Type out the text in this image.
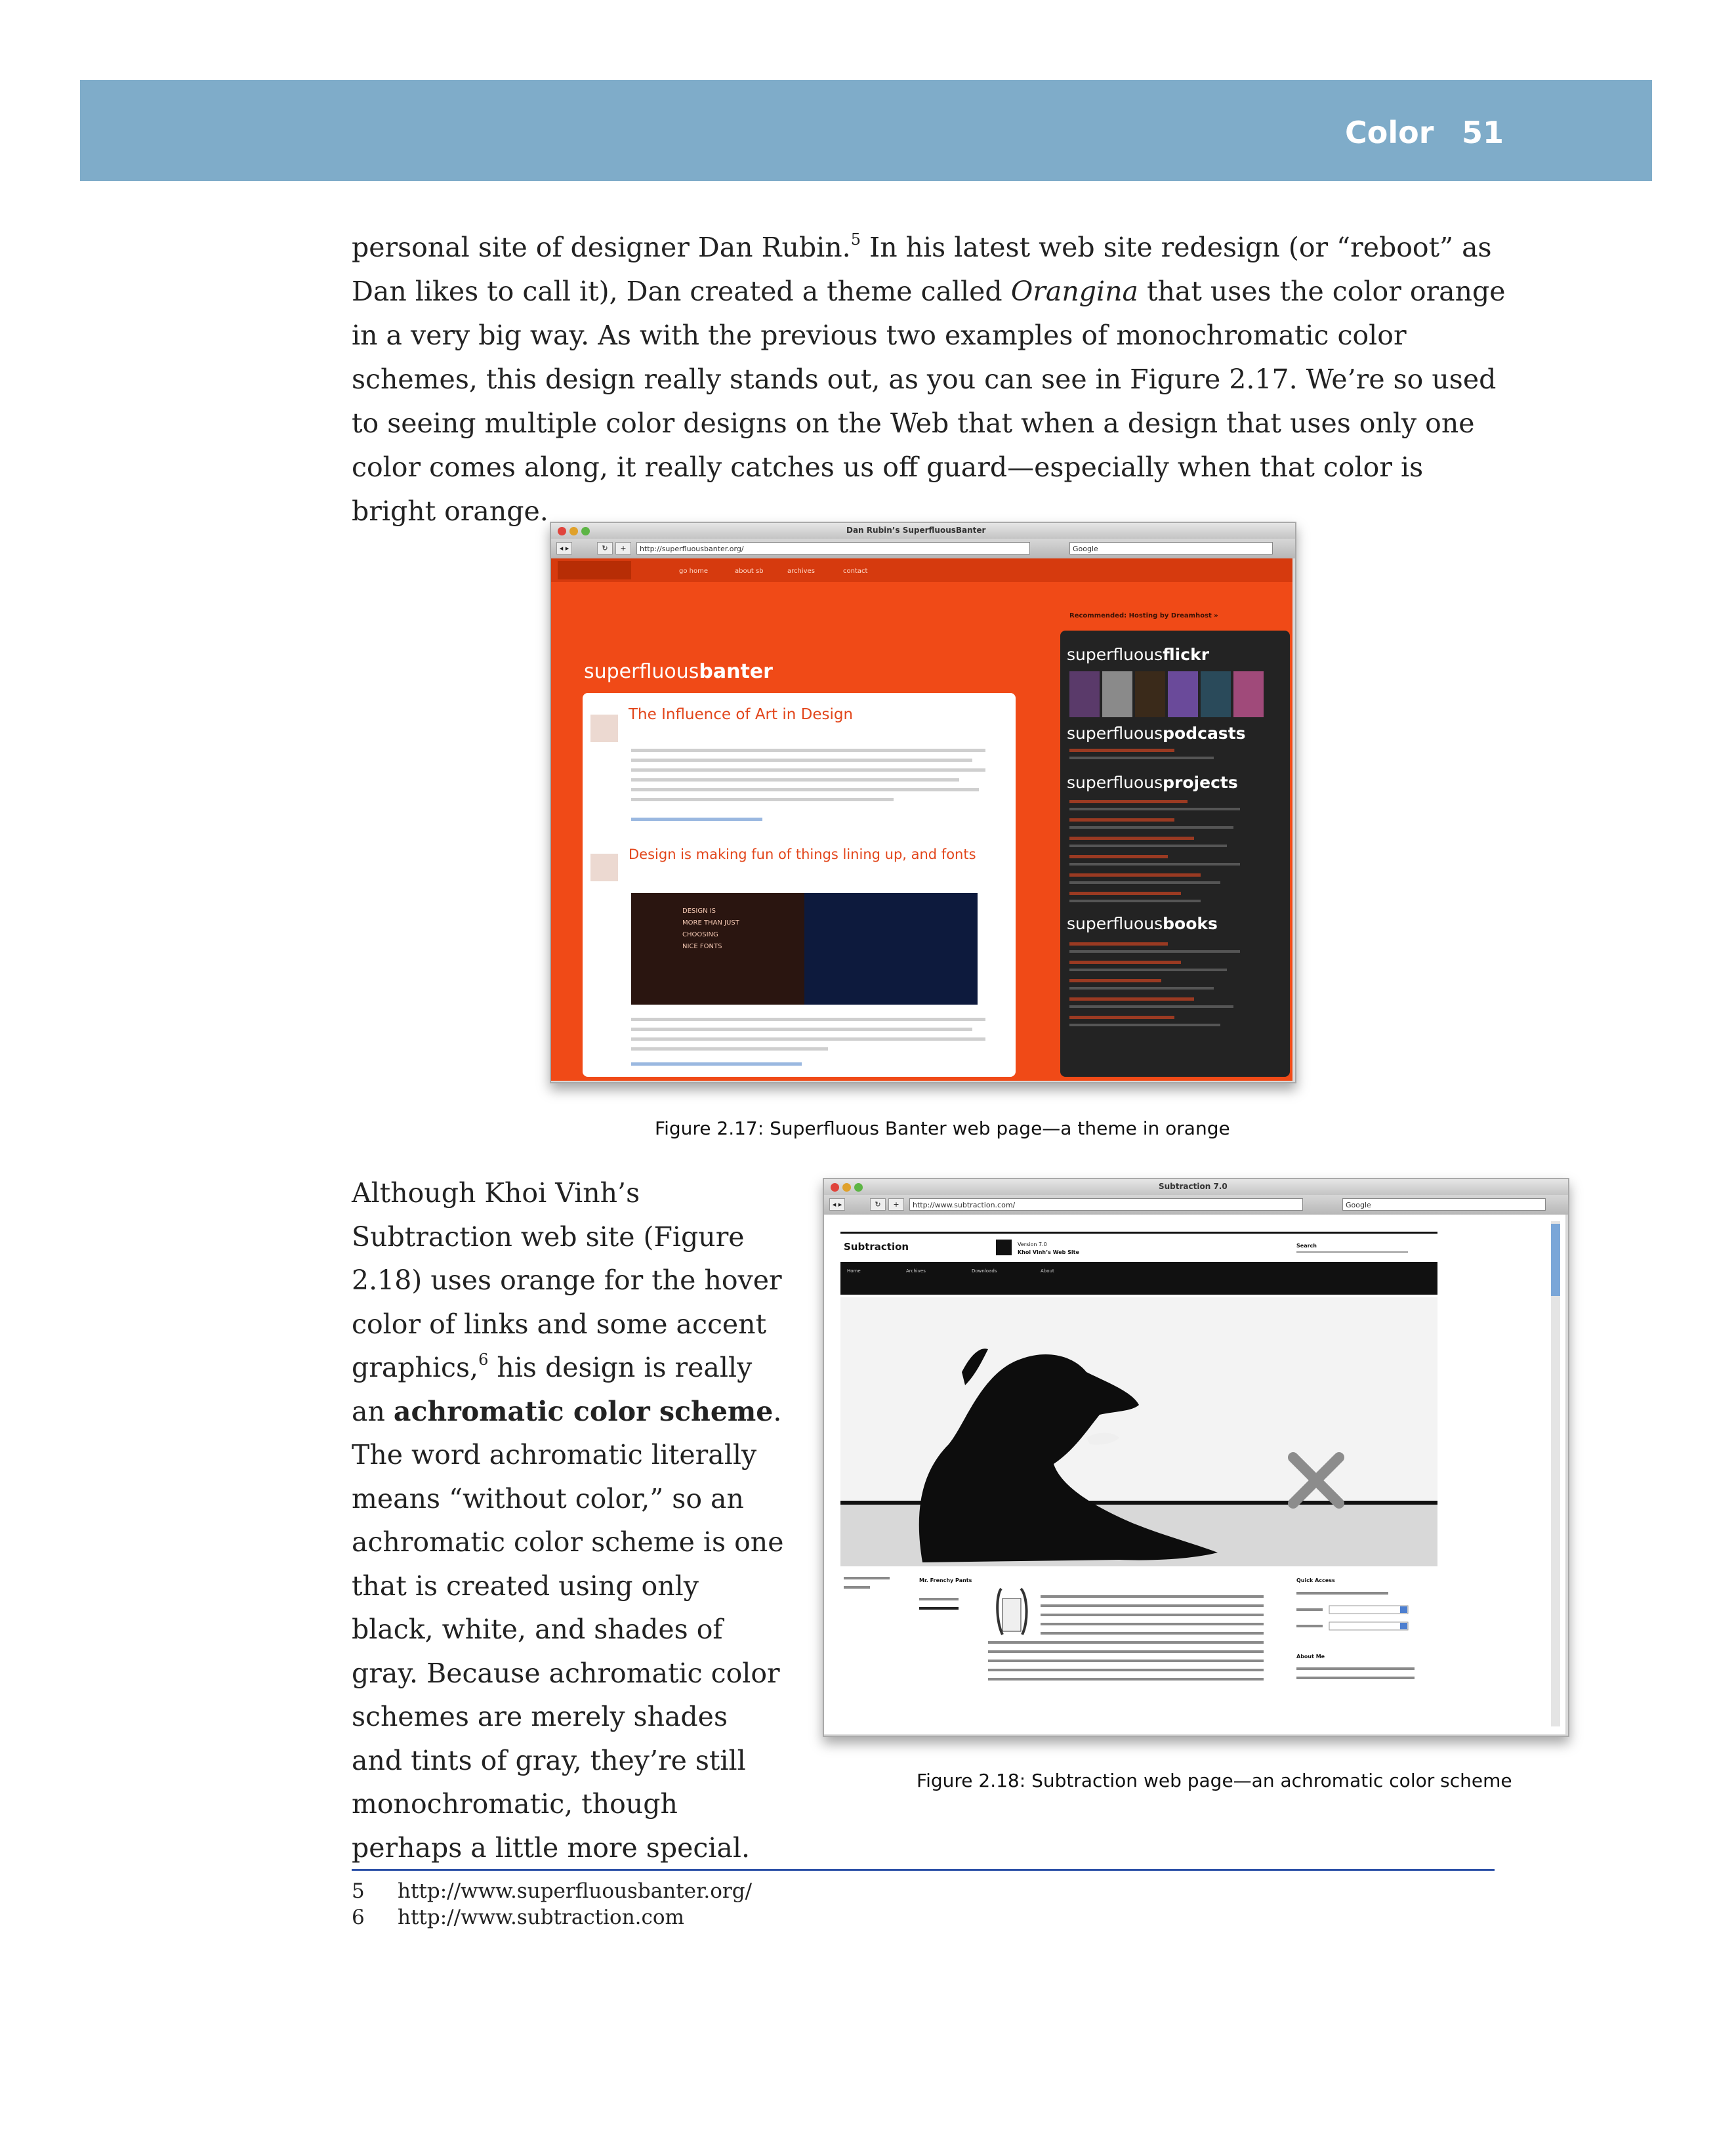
Color 51
personal site of designer Dan Rubin.$^5$ In his latest web site redesign (or “reboot” as Dan likes to call it), Dan created a theme called Orangina that uses the color orange in a very big way. As with the previous two examples of monochromatic color schemes, this design really stands out, as you can see in Figure 2.17. We’re so used to seeing multiple color designs on the Web that when a design that uses only one color comes along, it really catches us off guard—especially when that color is bright orange.
Dan Rubin’s SuperfluousBanter
◂ ▸	↻	+	http://superfluousbanter.org/	Google
go home	about sb	archives	contact
superfluousbanter
Recommended: Hosting by Dreamhost »
The Influence of Art in Design
Design is making fun of things lining up, and fonts
DESIGN IS
MORE THAN JUST
CHOOSING
NICE FONTS
superfluousflickr
superfluouspodcasts
superfluousprojects
superfluousbooks
Figure 2.17: Superfluous Banter web page—a theme in orange
Although Khoi Vinh’s Subtraction web site (Figure 2.18) uses orange for the hover color of links and some accent graphics,$^6$ his design is really an achromatic color scheme. The word achromatic literally means “without color,” so an achromatic color scheme is one that is created using only black, white, and shades of gray. Because achromatic color schemes are merely shades and tints of gray, they’re still monochromatic, though perhaps a little more special.
Subtraction 7.0
◂ ▸	↻	+	http://www.subtraction.com/	Google
Subtraction	Version 7.0
Khoi Vinh’s Web Site
Search
Home	Archives	Downloads	About
Mr. Frenchy Pants	Quick Access
About Me
Figure 2.18: Subtraction web page—an achromatic color scheme
5 http://www.superfluousbanter.org/
6 http://www.subtraction.com
